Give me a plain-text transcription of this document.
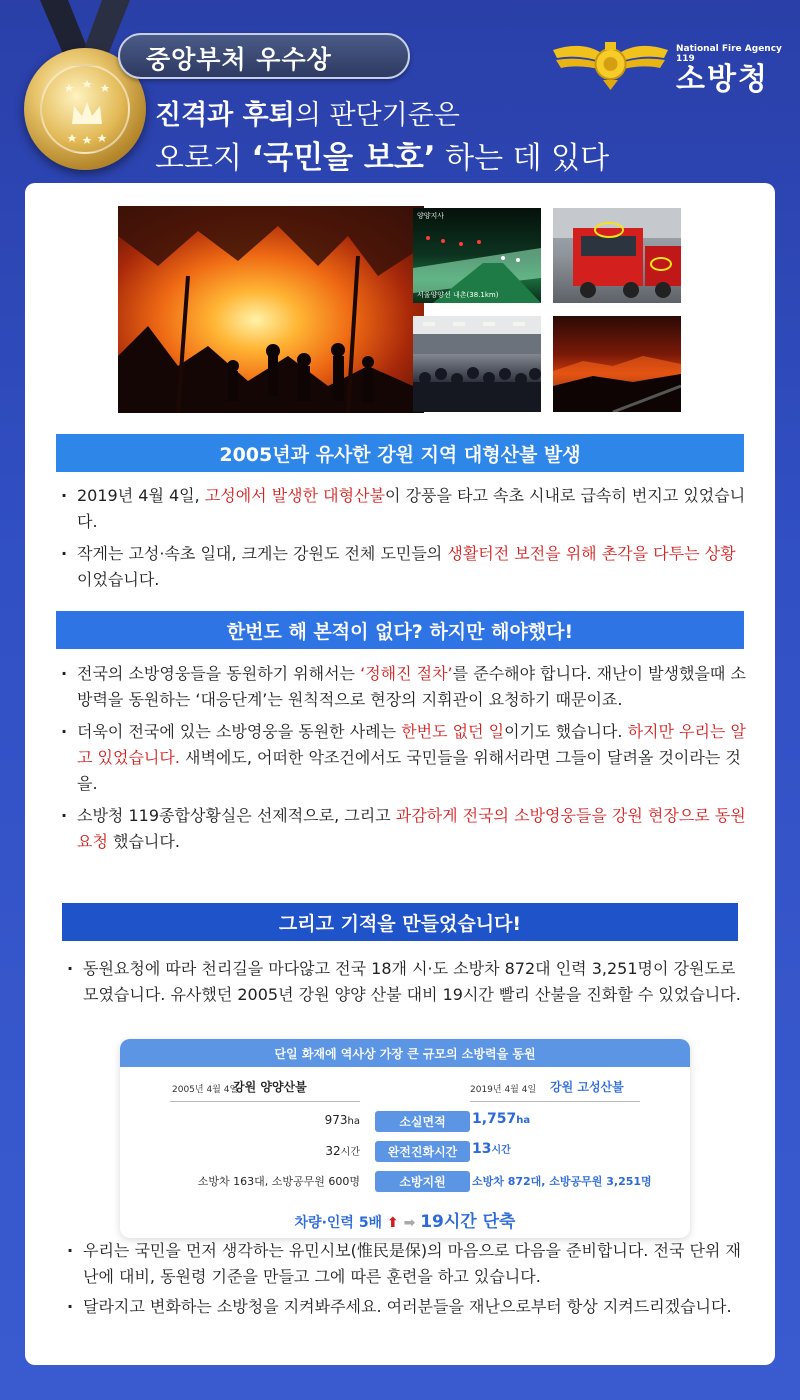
중앙부처 우수상
진격과 후퇴의 판단기준은
오로지 ‘국민을 보호’ 하는 데 있다
National Fire Agency 119
소방청
양양지사
서울양양선 내촌(38.1km)
2005년과 유사한 강원 지역 대형산불 발생
· 2019년 4월 4일, 고성에서 발생한 대형산불이 강풍을 타고 속초 시내로 급속히 번지고 있었습니다.
· 작게는 고성·속초 일대, 크게는 강원도 전체 도민들의 생활터전 보전을 위해 촌각을 다투는 상황이었습니다.
한번도 해 본적이 없다? 하지만 해야했다!
· 전국의 소방영웅들을 동원하기 위해서는 ‘정해진 절차’를 준수해야 합니다. 재난이 발생했을때 소방력을 동원하는 ‘대응단계’는 원칙적으로 현장의 지휘관이 요청하기 때문이죠.
· 더욱이 전국에 있는 소방영웅을 동원한 사례는 한번도 없던 일이기도 했습니다. 하지만 우리는 알고 있었습니다. 새벽에도, 어떠한 악조건에서도 국민들을 위해서라면 그들이 달려올 것이라는 것을.
· 소방청 119종합상황실은 선제적으로, 그리고 과감하게 전국의 소방영웅들을 강원 현장으로 동원요청 했습니다.
그리고 기적을 만들었습니다!
· 동원요청에 따라 천리길을 마다않고 전국 18개 시·도 소방차 872대 인력 3,251명이 강원도로 모였습니다. 유사했던 2005년 강원 양양 산불 대비 19시간 빨리 산불을 진화할 수 있었습니다.
단일 화재에 역사상 가장 큰 규모의 소방력을 동원
2005년 4월 4일
강원 양양산불	2019년 4월 4일 강원 고성산불
973ha	소실면적	1,757ha
32시간	완전진화시간	13시간
소방차 163대, 소방공무원 600명	소방지원	소방차 872대, 소방공무원 3,251명
차량·인력 5배 ⬆ ➡ 19시간 단축
· 우리는 국민을 먼저 생각하는 유민시보(惟民是保)의 마음으로 다음을 준비합니다. 전국 단위 재난에 대비, 동원령 기준을 만들고 그에 따른 훈련을 하고 있습니다.
· 달라지고 변화하는 소방청을 지켜봐주세요. 여러분들을 재난으로부터 항상 지켜드리겠습니다.
